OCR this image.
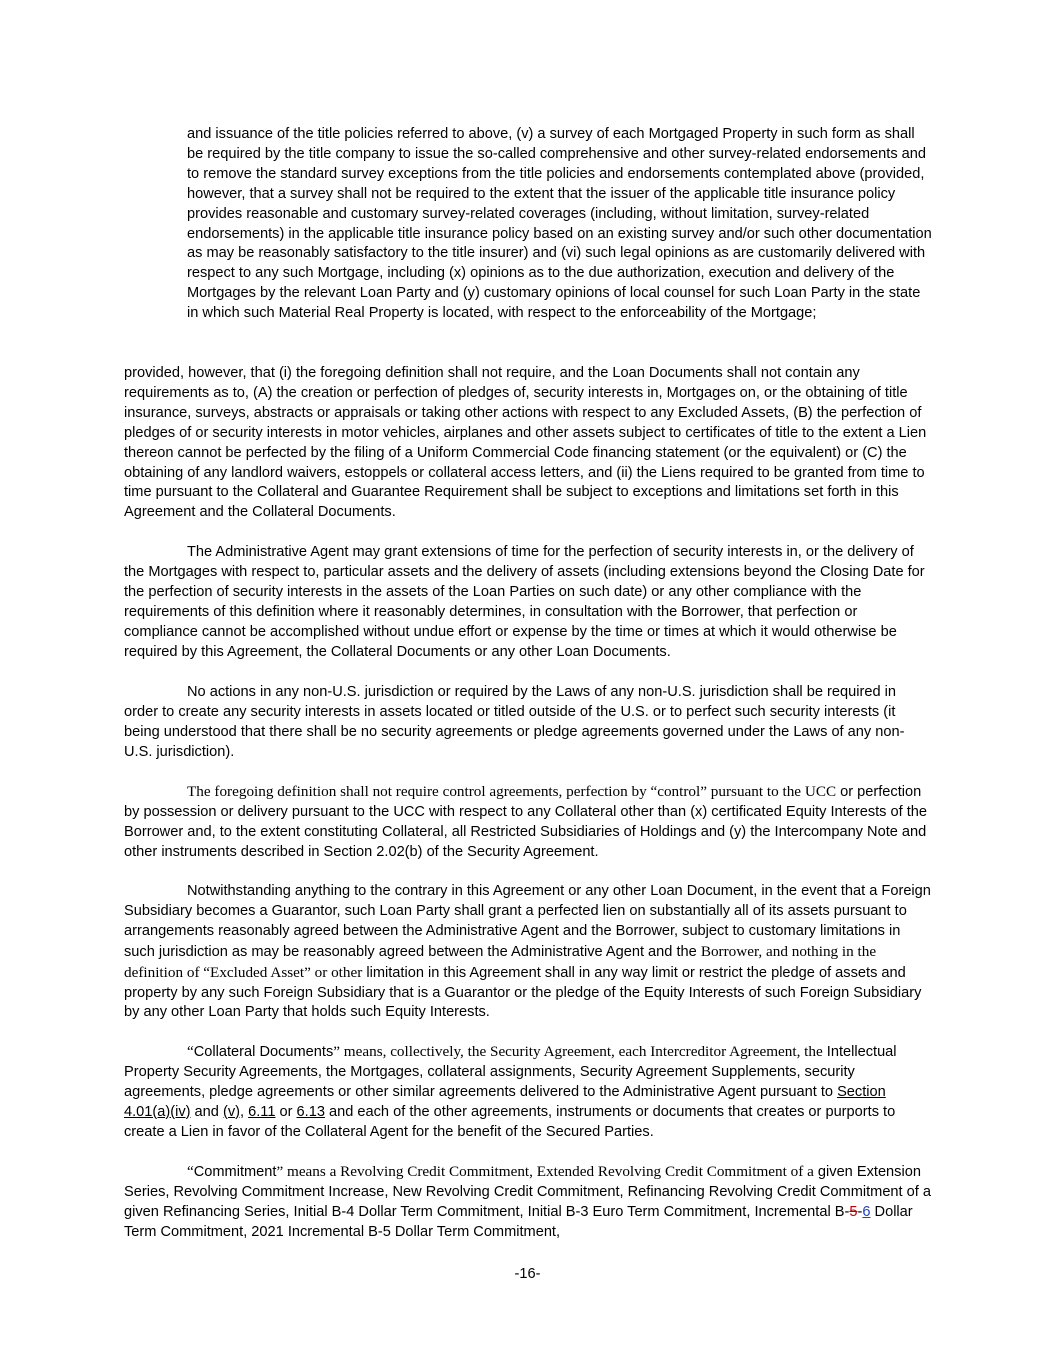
and issuance of the title policies referred to above, (v) a survey of each Mortgaged Property in such form as shall be required by the title company to issue the so-called comprehensive and other survey-related endorsements and to remove the standard survey exceptions from the title policies and endorsements contemplated above (provided, however, that a survey shall not be required to the extent that the issuer of the applicable title insurance policy provides reasonable and customary survey-related coverages (including, without limitation, survey-related endorsements) in the applicable title insurance policy based on an existing survey and/or such other documentation as may be reasonably satisfactory to the title insurer) and (vi) such legal opinions as are customarily delivered with respect to any such Mortgage, including (x) opinions as to the due authorization, execution and delivery of the Mortgages by the relevant Loan Party and (y) customary opinions of local counsel for such Loan Party in the state in which such Material Real Property is located, with respect to the enforceability of the Mortgage;

provided, however, that (i) the foregoing definition shall not require, and the Loan Documents shall not contain any requirements as to, (A) the creation or perfection of pledges of, security interests in, Mortgages on, or the obtaining of title insurance, surveys, abstracts or appraisals or taking other actions with respect to any Excluded Assets, (B) the perfection of pledges of or security interests in motor vehicles, airplanes and other assets subject to certificates of title to the extent a Lien thereon cannot be perfected by the filing of a Uniform Commercial Code financing statement (or the equivalent) or (C) the obtaining of any landlord waivers, estoppels or collateral access letters, and (ii) the Liens required to be granted from time to time pursuant to the Collateral and Guarantee Requirement shall be subject to exceptions and limitations set forth in this Agreement and the Collateral Documents.

The Administrative Agent may grant extensions of time for the perfection of security interests in, or the delivery of the Mortgages with respect to, particular assets and the delivery of assets (including extensions beyond the Closing Date for the perfection of security interests in the assets of the Loan Parties on such date) or any other compliance with the requirements of this definition where it reasonably determines, in consultation with the Borrower, that perfection or compliance cannot be accomplished without undue effort or expense by the time or times at which it would otherwise be required by this Agreement, the Collateral Documents or any other Loan Documents.

No actions in any non-U.S. jurisdiction or required by the Laws of any non-U.S. jurisdiction shall be required in order to create any security interests in assets located or titled outside of the U.S. or to perfect such security interests (it being understood that there shall be no security agreements or pledge agreements governed under the Laws of any non-U.S. jurisdiction).

The foregoing definition shall not require control agreements, perfection by “control” pursuant to the UCC or perfection by possession or delivery pursuant to the UCC with respect to any Collateral other than (x) certificated Equity Interests of the Borrower and, to the extent constituting Collateral, all Restricted Subsidiaries of Holdings and (y) the Intercompany Note and other instruments described in Section 2.02(b) of the Security Agreement.

Notwithstanding anything to the contrary in this Agreement or any other Loan Document, in the event that a Foreign Subsidiary becomes a Guarantor, such Loan Party shall grant a perfected lien on substantially all of its assets pursuant to arrangements reasonably agreed between the Administrative Agent and the Borrower, subject to customary limitations in such jurisdiction as may be reasonably agreed between the Administrative Agent and the Borrower, and nothing in the definition of “Excluded Asset” or other limitation in this Agreement shall in any way limit or restrict the pledge of assets and property by any such Foreign Subsidiary that is a Guarantor or the pledge of the Equity Interests of such Foreign Subsidiary by any other Loan Party that holds such Equity Interests.

“Collateral Documents” means, collectively, the Security Agreement, each Intercreditor Agreement, the Intellectual Property Security Agreements, the Mortgages, collateral assignments, Security Agreement Supplements, security agreements, pledge agreements or other similar agreements delivered to the Administrative Agent pursuant to Section 4.01(a)(iv) and (v), 6.11 or 6.13 and each of the other agreements, instruments or documents that creates or purports to create a Lien in favor of the Collateral Agent for the benefit of the Secured Parties.

“Commitment” means a Revolving Credit Commitment, Extended Revolving Credit Commitment of a given Extension Series, Revolving Commitment Increase, New Revolving Credit Commitment, Refinancing Revolving Credit Commitment of a given Refinancing Series, Initial B-4 Dollar Term Commitment, Initial B-3 Euro Term Commitment, Incremental B-5-6 Dollar Term Commitment, 2021 Incremental B-5 Dollar Term Commitment,

-16-
